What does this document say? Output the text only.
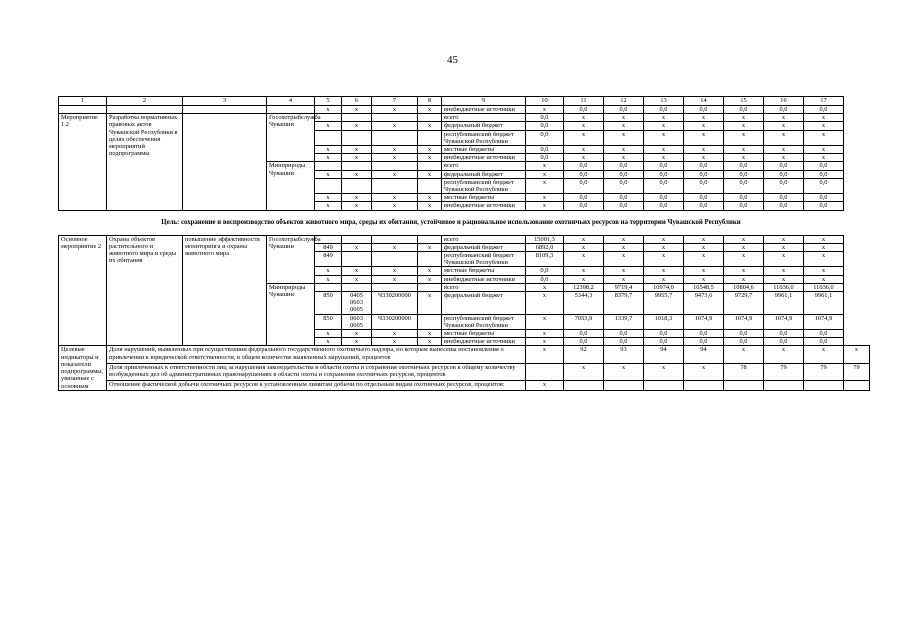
45
1	2	3	4	5	6	7	8	9	10	11	12	13	14	15	16	17	
				x	x	x	x	внебюджетные источники	x	0,0	0,0	0,0	0,0	0,0	0,0	0,0	
Мероприятие 1.2	Разработка нормативных правовых актов Чувашской Республики в целях обеспечения мероприятий подпрограммы		Госохотрыбслужба Чувашии					всего	0,0	x	x	x	x	x	x	x	
				x	x	x	x	федеральный бюджет	0,0	x	x	x	x	x	x	x	
								республиканский бюджет Чувашской Республики	0,0	x	x	x	x	x	x	x	
				x	x	x	x	местные бюджеты	0,0	x	x	x	x	x	x	x	
				x	x	x	x	внебюджетные источники	0,0	x	x	x	x	x	x	x	
			Минприроды Чувашии					всего	x	0,0	0,0	0,0	0,0	0,0	0,0	0,0	
				x	x	x	x	федеральный бюджет	x	0,0	0,0	0,0	0,0	0,0	0,0	0,0	
								республиканский бюджет Чувашской Республики	x	0,0	0,0	0,0	0,0	0,0	0,0	0,0	
				x	x	x	x	местные бюджеты	x	0,0	0,0	0,0	0,0	0,0	0,0	0,0	
				x	x	x	x	внебюджетные источники	x	0,0	0,0	0,0	0,0	0,0	0,0	0,0	
Цель: сохранение и воспроизводство объектов животного мира, среды их обитания, устойчивое и рациональное использование охотничьих ресурсов на территории Чувашской Республики																	
Основное мероприятие 2	Охрана объектов растительного и животного мира и среды их обитания	повышение эффективности мониторинга и охраны животного мира	Госохотрыбслужба Чувашии					всего	15001,3	x	x	x	x	x	x	x	
				849	x	x	x	федеральный бюджет	6892,0	x	x	x	x	x	x	x	
				849				республиканский бюджет Чувашской Республики	8109,3	x	x	x	x	x	x	x	
				x	x	x	x	местные бюджеты	0,0	x	x	x	x	x	x	x	
				x	x	x	x	внебюджетные источники	0,0	x	x	x	x	x	x	x	
			Минприроды Чувашии					всего	x	12398,2	9719,4	10974,0	10548,5	10804,6	11036,0	11036,0	
				850	0405 0603 0605	Ч330200000	x	федеральный бюджет	x	5344,3	8379,7	9955,7	9473,6	9729,7	9961,1	9961,1	
				850	0603 0605	Ч330200000		республиканский бюджет Чувашской Республики	x	7053,9	1339,7	1018,3	1074,9	1074,9	1074,9	1074,9	
				x	x	x	x	местные бюджеты	x	0,0	0,0	0,0	0,0	0,0	0,0	0,0	
				x	x	x	x	внебюджетные источники	x	0,0	0,0	0,0	0,0	0,0	0,0	0,0	
Целевые индикаторы и показатели подпрограммы, увязанные с основным	Доля нарушений, выявленных при осуществлении федерального государственного охотничьего надзора, по которым вынесены постановления о привлечении к юридической ответственности, в общем количестве выявленных нарушений, процентов								x	92	93	94	94	x	x	x	x
	Доля привлеченных к ответственности лиц за нарушения законодательства в области охоты и сохранения охотничьих ресурсов к общему количеству возбужденных дел об административных правонарушениях в области охоты и сохранения охотничьих ресурсов, процентов									x	x	x	x	78	79	79	79
	Отношение фактической добычи охотничьих ресурсов к установленным лимитам добычи по отдельным видам охотничьих ресурсов, процентов:								x								
